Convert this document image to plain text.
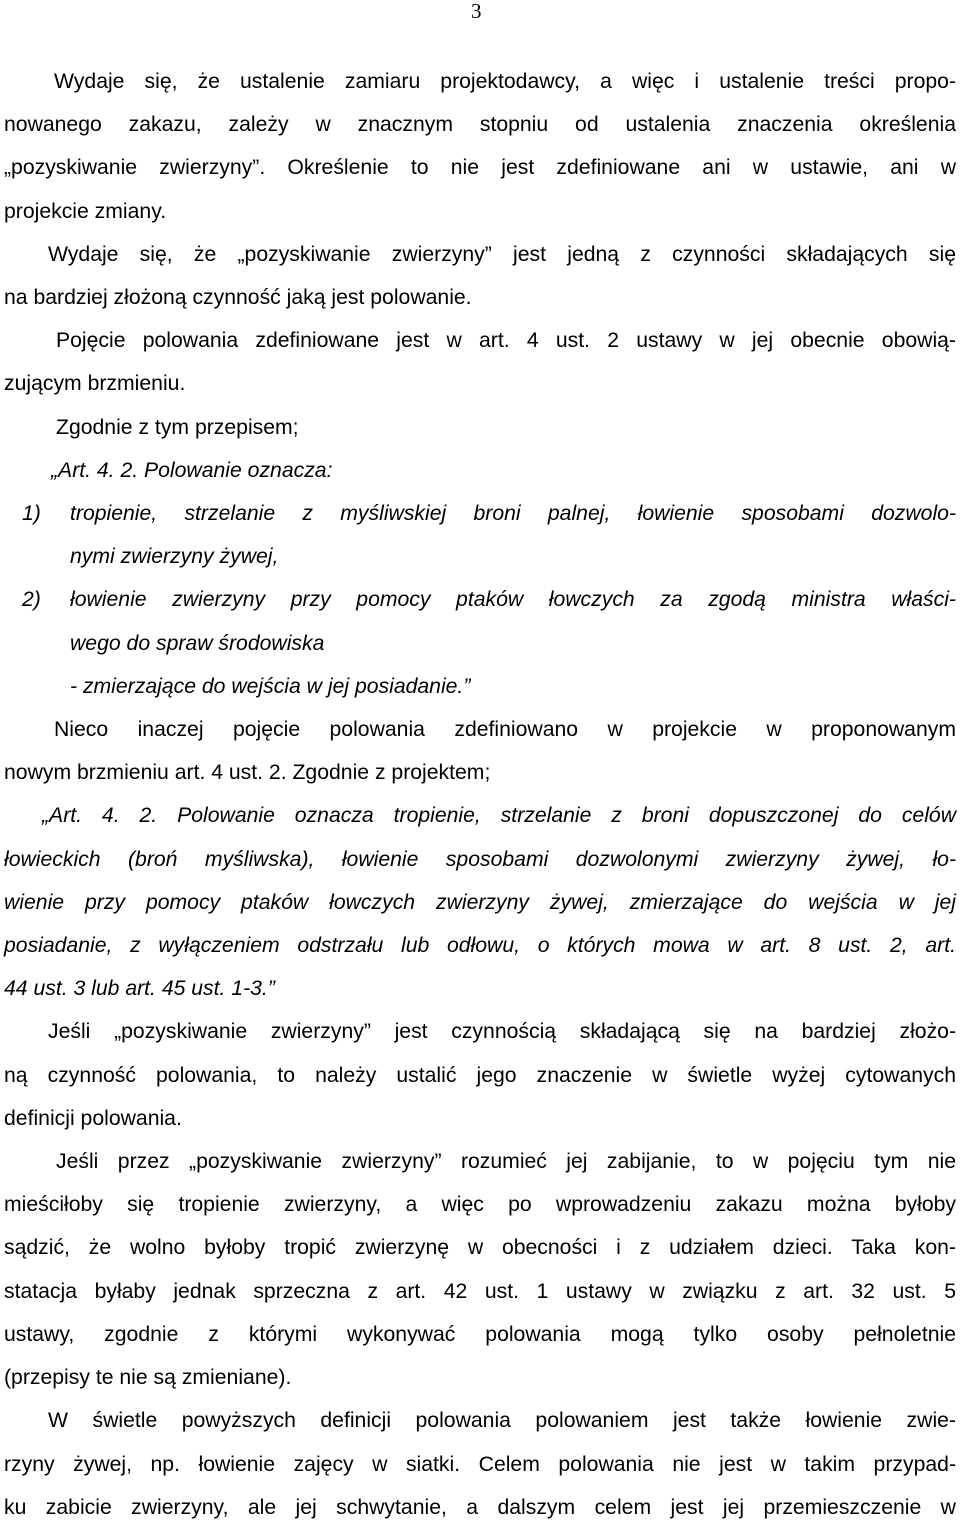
3
Wydaje się, że ustalenie zamiaru projektodawcy, a więc i ustalenie treści propo-
nowanego zakazu, zależy w znacznym stopniu od ustalenia znaczenia określenia
„pozyskiwanie zwierzyny”. Określenie to nie jest zdefiniowane ani w ustawie, ani w
projekcie zmiany.
Wydaje się, że „pozyskiwanie zwierzyny” jest jedną z czynności składających się
na bardziej złożoną czynność jaką jest polowanie.
Pojęcie polowania zdefiniowane jest w art. 4 ust. 2 ustawy w jej obecnie obowią-
zującym brzmieniu.
Zgodnie z tym przepisem;
„Art. 4. 2. Polowanie oznacza:
1)	tropienie, strzelanie z myśliwskiej broni palnej, łowienie sposobami dozwolo-
nymi zwierzyny żywej,
2)	łowienie zwierzyny przy pomocy ptaków łowczych za zgodą ministra właści-
wego do spraw środowiska
- zmierzające do wejścia w jej posiadanie.”
Nieco inaczej pojęcie polowania zdefiniowano w projekcie w proponowanym
nowym brzmieniu art. 4 ust. 2. Zgodnie z projektem;
„Art. 4. 2. Polowanie oznacza tropienie, strzelanie z broni dopuszczonej do celów
łowieckich (broń myśliwska), łowienie sposobami dozwolonymi zwierzyny żywej, ło-
wienie przy pomocy ptaków łowczych zwierzyny żywej, zmierzające do wejścia w jej
posiadanie, z wyłączeniem odstrzału lub odłowu, o których mowa w art. 8 ust. 2, art.
44 ust. 3 lub art. 45 ust. 1-3.”
Jeśli „pozyskiwanie zwierzyny” jest czynnością składającą się na bardziej złożo-
ną czynność polowania, to należy ustalić jego znaczenie w świetle wyżej cytowanych
definicji polowania.
Jeśli przez „pozyskiwanie zwierzyny” rozumieć jej zabijanie, to w pojęciu tym nie
mieściłoby się tropienie zwierzyny, a więc po wprowadzeniu zakazu można byłoby
sądzić, że wolno byłoby tropić zwierzynę w obecności i z udziałem dzieci. Taka kon-
statacja byłaby jednak sprzeczna z art. 42 ust. 1 ustawy w związku z art. 32 ust. 5
ustawy, zgodnie z którymi wykonywać polowania mogą tylko osoby pełnoletnie
(przepisy te nie są zmieniane).
W świetle powyższych definicji polowania polowaniem jest także łowienie zwie-
rzyny żywej, np. łowienie zajęcy w siatki. Celem polowania nie jest w takim przypad-
ku zabicie zwierzyny, ale jej schwytanie, a dalszym celem jest jej przemieszczenie w
